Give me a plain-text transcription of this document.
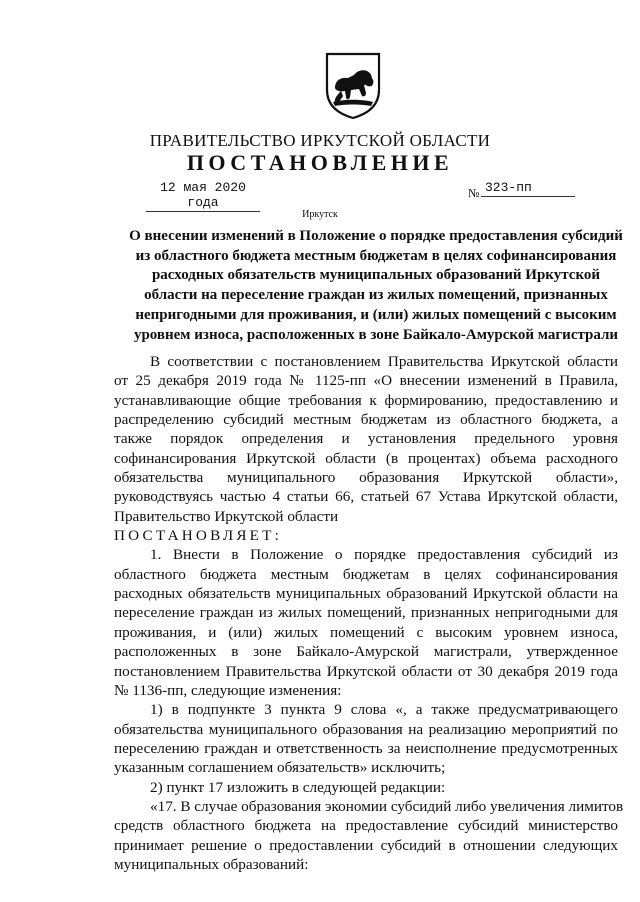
ПРАВИТЕЛЬСТВО ИРКУТСКОЙ ОБЛАСТИ
ПОСТАНОВЛЕНИЕ
12 мая 2020 года
№ 323-пп
Иркутск
О внесении изменений в Положение о порядке предоставления субсидий
из областного бюджета местным бюджетам в целях софинансирования
расходных обязательств муниципальных образований Иркутской
области на переселение граждан из жилых помещений, признанных
непригодными для проживания, и (или) жилых помещений с высоким
уровнем износа, расположенных в зоне Байкало-Амурской магистрали
В соответствии с постановлением Правительства Иркутской области
от 25 декабря 2019 года № 1125-пп «О внесении изменений в Правила,
устанавливающие общие требования к формированию, предоставлению и
распределению субсидий местным бюджетам из областного бюджета, а
также порядок определения и установления предельного уровня
софинансирования Иркутской области (в процентах) объема расходного
обязательства муниципального образования Иркутской области»,
руководствуясь частью 4 статьи 66, статьей 67 Устава Иркутской области,
Правительство Иркутской области
ПОСТАНОВЛЯЕТ:
1. Внести в Положение о порядке предоставления субсидий из
областного бюджета местным бюджетам в целях софинансирования
расходных обязательств муниципальных образований Иркутской области на
переселение граждан из жилых помещений, признанных непригодными для
проживания, и (или) жилых помещений с высоким уровнем износа,
расположенных в зоне Байкало-Амурской магистрали, утвержденное
постановлением Правительства Иркутской области от 30 декабря 2019 года
№ 1136-пп, следующие изменения:
1) в подпункте 3 пункта 9 слова «, а также предусматривающего
обязательства муниципального образования на реализацию мероприятий по
переселению граждан и ответственность за неисполнение предусмотренных
указанным соглашением обязательств» исключить;
2) пункт 17 изложить в следующей редакции:
«17. В случае образования экономии субсидий либо увеличения лимитов
средств областного бюджета на предоставление субсидий министерство
принимает решение о предоставлении субсидий в отношении следующих
муниципальных образований:
